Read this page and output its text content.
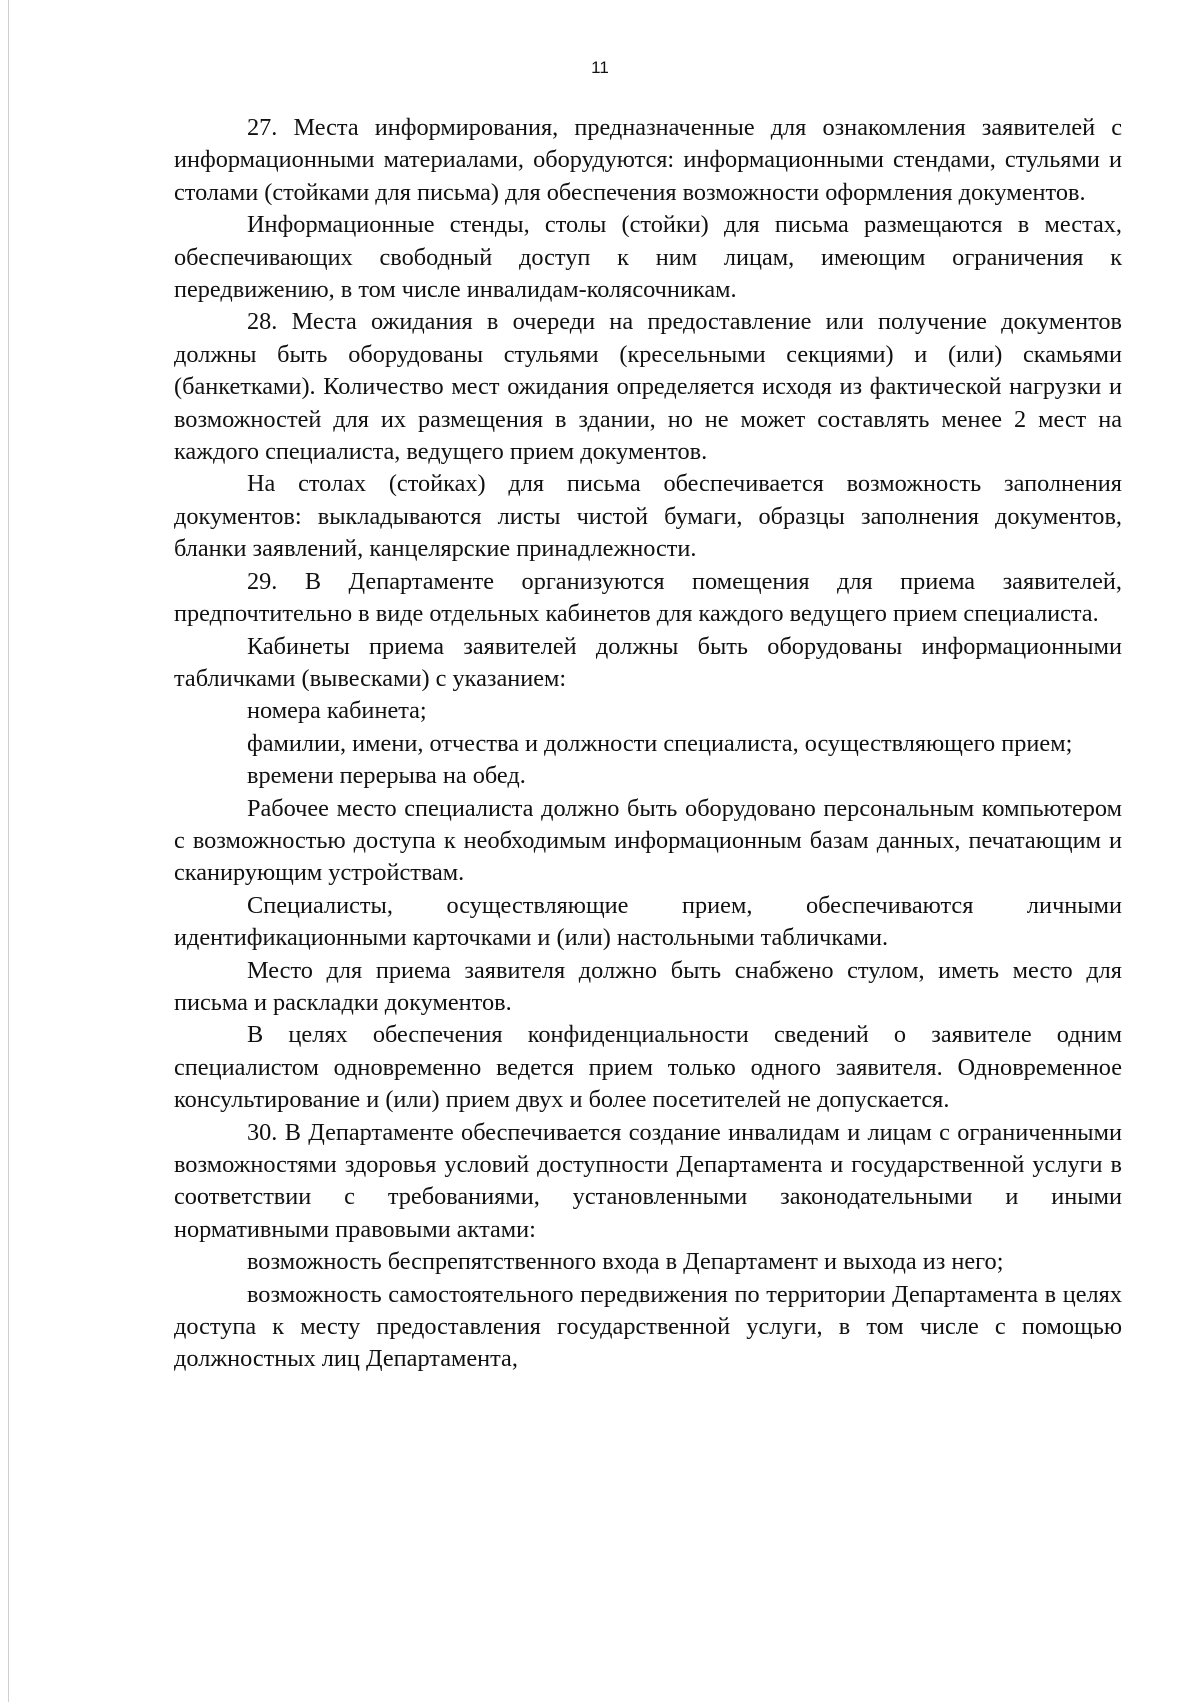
11

27. Места информирования, предназначенные для ознакомления заявителей с информационными материалами, оборудуются: информационными стендами, стульями и столами (стойками для письма) для обеспечения возможности оформления документов.

Информационные стенды, столы (стойки) для письма размещаются в местах, обеспечивающих свободный доступ к ним лицам, имеющим ограничения к передвижению, в том числе инвалидам-колясочникам.

28. Места ожидания в очереди на предоставление или получение документов должны быть оборудованы стульями (кресельными секциями) и (или) скамьями (банкетками). Количество мест ожидания определяется исходя из фактической нагрузки и возможностей для их размещения в здании, но не может составлять менее 2 мест на каждого специалиста, ведущего прием документов.

На столах (стойках) для письма обеспечивается возможность заполнения документов: выкладываются листы чистой бумаги, образцы заполнения документов, бланки заявлений, канцелярские принадлежности.

29. В Департаменте организуются помещения для приема заявителей, предпочтительно в виде отдельных кабинетов для каждого ведущего прием специалиста.

Кабинеты приема заявителей должны быть оборудованы информационными табличками (вывесками) с указанием:

номера кабинета;

фамилии, имени, отчества и должности специалиста, осуществляющего прием;

времени перерыва на обед.

Рабочее место специалиста должно быть оборудовано персональным компьютером с возможностью доступа к необходимым информационным базам данных, печатающим и сканирующим устройствам.

Специалисты, осуществляющие прием, обеспечиваются личными идентификационными карточками и (или) настольными табличками.

Место для приема заявителя должно быть снабжено стулом, иметь место для письма и раскладки документов.

В целях обеспечения конфиденциальности сведений о заявителе одним специалистом одновременно ведется прием только одного заявителя. Одновременное консультирование и (или) прием двух и более посетителей не допускается.

30. В Департаменте обеспечивается создание инвалидам и лицам с ограниченными возможностями здоровья условий доступности Департамента и государственной услуги в соответствии с требованиями, установленными законодательными и иными нормативными правовыми актами:

возможность беспрепятственного входа в Департамент и выхода из него;

возможность самостоятельного передвижения по территории Департамента в целях доступа к месту предоставления государственной услуги, в том числе с помощью должностных лиц Департамента,
